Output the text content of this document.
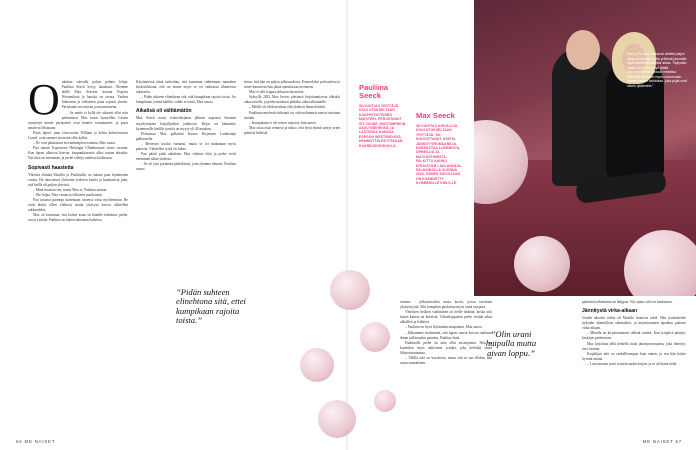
Onkohan sohvalla paljon pehmo leluja, Pauliina Seeck kysyy hauskasti. Olemme täällä Max Seeckin kotona Espoon Westendissä ja hauska on tavata. Vaaleat hiuksensa ja valkoinen paita sopivat yhteen. Pariskunta on rentona ja nauravaisena.

– Se matto ei kyllä ole oikeasti ollut niin pehmoinen, Max sanoo hymyillen. Lasten synnyttyä monet periaatteet ovat kenties romuttuneet, ja pojat nauttivat leluistaan.

Parin lapset, pian viisivuotias William ja kohta kolmevuotias Lionel, ovat saaneet tavaroita yllin kyllin.

– Ne ovat pääasiassa isovanhempien ostamia, Max sanoo.

Pari muutti Espooseen Helsingin Ullanlinnasta viime vuonna. Kun lapset alkoivat kasvaa, kaupunkiasunto alkoi tuntua ahtaalta. Nyt tilaa on enemmän, ja perhe viihtyy uudessa kodissaan.

Sopivasti haastetta

Yhteistä elämää Maxilla ja Pauliinalla on takana pian kymmenen vuotta. He tutustuivat yhteisten ystävien kautta ja huomasivat pian, että heillä oli paljon yhteistä.

– Minä muistan sen, mutta Max ei, Pauliina nauraa.

– Ole hiljaa, Max vastaa ja vilkaisee puolisoaan.

Pari tutustui parempi tuntemaan toisensa vasta myöhemmin. He eivät aluksi olleet yhdessä, mutta ystävyys kasvoi vähitellen rakkaudeksi.

Max on kuvannut, että kolme asiaa on hänelle tärkeintä: perhe, ura ja ystävät. Pauliina on hänen tukenaan kaikessa.

Käytännössä tämä tarkoittaa, että kaummat suhteemme nanolenn keskiviikkona, että on ennen myös se on vaikeassa tilanteessa rakastettu.

– Pidän suhteen elinehtona sitä, että kumpikaan rajoita toista. Jos kumpikaan yrittää kahlita, suhde ei toimi, Max sanoo.

Aikalisä oli välttämätön

Max Seeck nousi esikoiskirjansa jälkeen nopeasti Suomen myydyimpien kirjailijoiden joukkoon. Kirjat on käännetty kymmenille kielille ja niitä on myyty yli 40 maahan.

Elokuussa Max palkittiin Kauno Kirjastam Laulavanja palkinnolla.

– Menestys kuului varmasti, mutta se toi mukanaan myös paineita. Vähitellen työtä oli liikaa.

Pari päätti pitää aikalisän. Max vähensi töitä ja perhe vietti enemmän aikaa yhdessä.

– Se oli yksi parhaista päätöksistä, joita olemme tehneet, Pauliina sanoo.

tietoa, että hän on paljon julkisuudessa. Esimerkiksi podcastissa ja some-kanavissa hän jakaa ajatuksiaan avoimesti.

Max ei silti kaipaa jatkuvaa huomiota.

Syksyllä 2022 Max kertoo jäävänsä kirjoittamisesta vähäksi aikaa tauolle, ja perhe matkusti pitkäksi aikaa ulkomaille.

– Meillä oli vihdoin aikaa olla yhdessä ilman kiirettä.

Pauliinan mielestä tärkeintä on, että molemmat saavat toteuttaa itseään.

– Kumpikaan ei ole toisen varjossa, hän sanoo.

Max ottaa asiat rennosti ja uskoo, että hyvä elämä syntyy arjen pienistä hetkistä.

”Pidän suhteen elinehtona sitä, ettei kumpikaan rajoita toista.”
66 ME NAISET
Pauliina Seeck
36-VUOTIAS YRITTÄJÄ, KOULUTUKSELTAAN KAUPPATIETEIDEN MAISTERI. PERUSTANUT SIY-ZIOINE -MUOTIMERKIN. ASUU MIEHENSÄ JA LASTENSA KANSSA ESPOON WESTENDISSÄ. HEMMOTTELEE ITSEÄÄN KAUNEUSHOIDOILLA.
Max Seeck
38-VUOTIAS KIRJAILIJA, KOULUTUKSELTAAN YRITTÄJÄ. ON KIRJOITTANUT USEITA JÄNNITYSROMAANEJA. HARRASTAA LUKEMISTA, URHEILUA JA MATKUSTAMISTA. PALKITTU KAUNO KIRJASTAM LAULAVANJA-PALKINNOLLA VUONNA 2023. HÄNEN KIRJOJAAN ON KÄÄNNETTY KYMMENILLE KIELILLE.
Max ja Pauliina haluavat viettää paljon aikaa perheenä mutta yrittävät järjestää myös kahdenkeskeistä aikaa. ”Nykyään lapset on jo helpompi jättää isovanhemmille hoitoon hetkeksi. Olemme löytäneet myös mummolan ihanan kaiken kaikkiaan, joka pojat ovat oikein tykänneet.”

tomana - julkaisevatkin uusia kuvia, joissa tarvitaan yksityisyyttä. Silti kumpikin puolustaa myös omia rajojaan.

Yhteisten hetkien vaaliminen on heille tärkeää, koska arki lasten kanssa on kiireistä. Viikonloppuisin perhe viettää aikaa ulkoillen ja leikkien.

– Pauliina on hyvä löytämään tasapainon, Max sanoo.

– Haluamme molemmat, että lapset saavat kasvaa rauhassa ilman julkisuuden painetta, Pauliina lisää.

Pauliinalle perhe on aina ollut ensisijainen. Hän on kuitenkin myös aktiivinen yrittäjä, joka kehittää omaa liiketoimintaansa.

– Välillä arki on kaoottista, mutta sitä se saa ollakin, hän sanoo naurahtaen.

”Olin urani huipulla mutta aivan loppu.”

päätösten tekeminen on helppoa. Nyt ajatus siitä on kaukainen.

Jännitystä virka-aikaan

Vaudet takaisin töihin oli Maxille luonteva askel. Hän työskentelee nykyään säännöllisin aikatauluin, ja kirjoittaminen tapahtuu pääosin virka-aikaan.

– Minulla on kirjoittamiseen selkeät rutiinit. Kun työpäivä päättyy, keskityn perheeseen.

Max kirjoittaa tällä hetkellä uutta jännitysromaania, joka ilmestyy ensi vuonna.

Kirjailijan arki on rauhallisempaa kuin ennen, ja sen hän kokee hyvänä asiana.

– Luin muuten juuri ystävän uuden kirjan, ja se oli ihana hetki.

ME NAISET 67
